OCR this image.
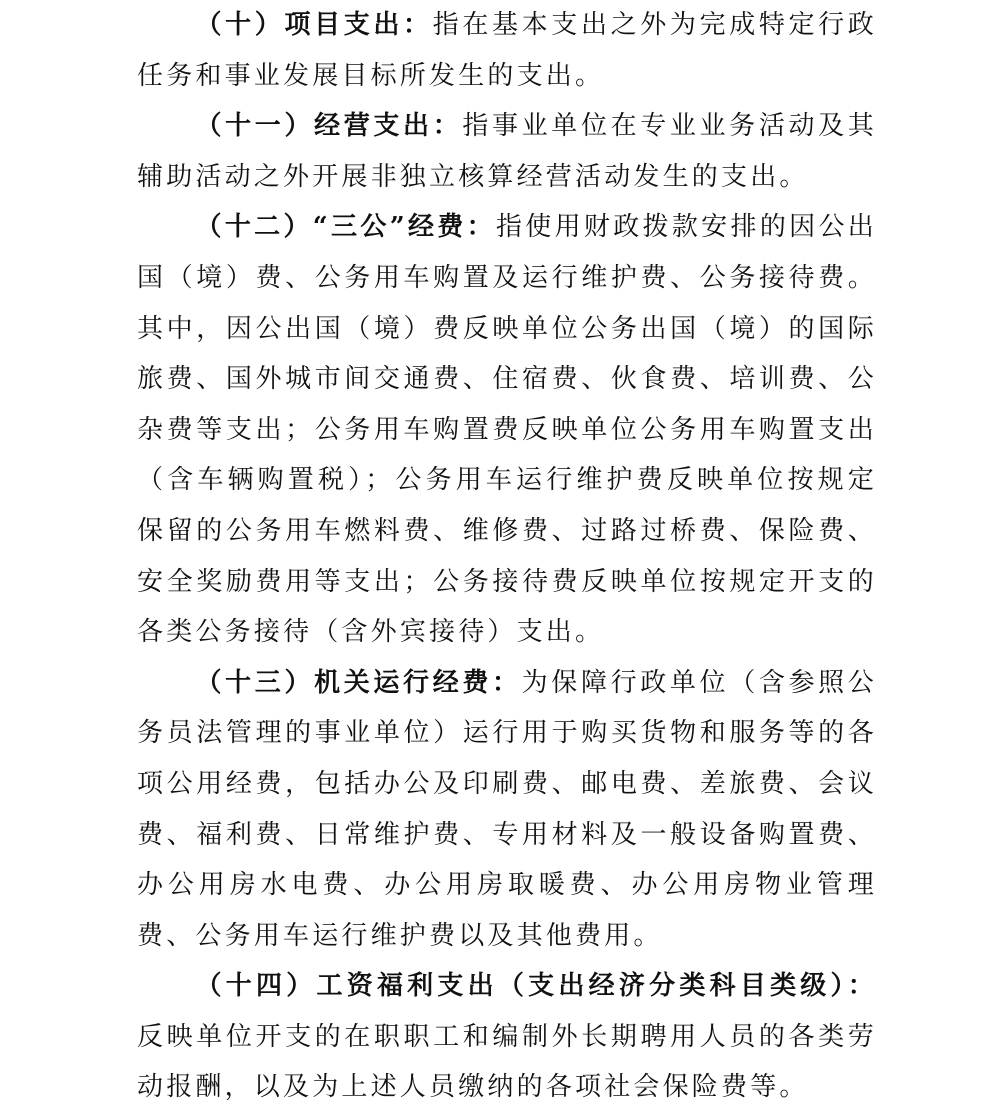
（十）项目支出：指在基本支出之外为完成特定行政任务和事业发展目标所发生的支出。

（十一）经营支出：指事业单位在专业业务活动及其辅助活动之外开展非独立核算经营活动发生的支出。

（十二）“三公”经费：指使用财政拨款安排的因公出国（境）费、公务用车购置及运行维护费、公务接待费。其中，因公出国（境）费反映单位公务出国（境）的国际旅费、国外城市间交通费、住宿费、伙食费、培训费、公杂费等支出；公务用车购置费反映单位公务用车购置支出（含车辆购置税）；公务用车运行维护费反映单位按规定保留的公务用车燃料费、维修费、过路过桥费、保险费、安全奖励费用等支出；公务接待费反映单位按规定开支的各类公务接待（含外宾接待）支出。

（十三）机关运行经费：为保障行政单位（含参照公务员法管理的事业单位）运行用于购买货物和服务等的各项公用经费，包括办公及印刷费、邮电费、差旅费、会议费、福利费、日常维护费、专用材料及一般设备购置费、办公用房水电费、办公用房取暖费、办公用房物业管理费、公务用车运行维护费以及其他费用。

（十四）工资福利支出（支出经济分类科目类级）：反映单位开支的在职职工和编制外长期聘用人员的各类劳动报酬，以及为上述人员缴纳的各项社会保险费等。
